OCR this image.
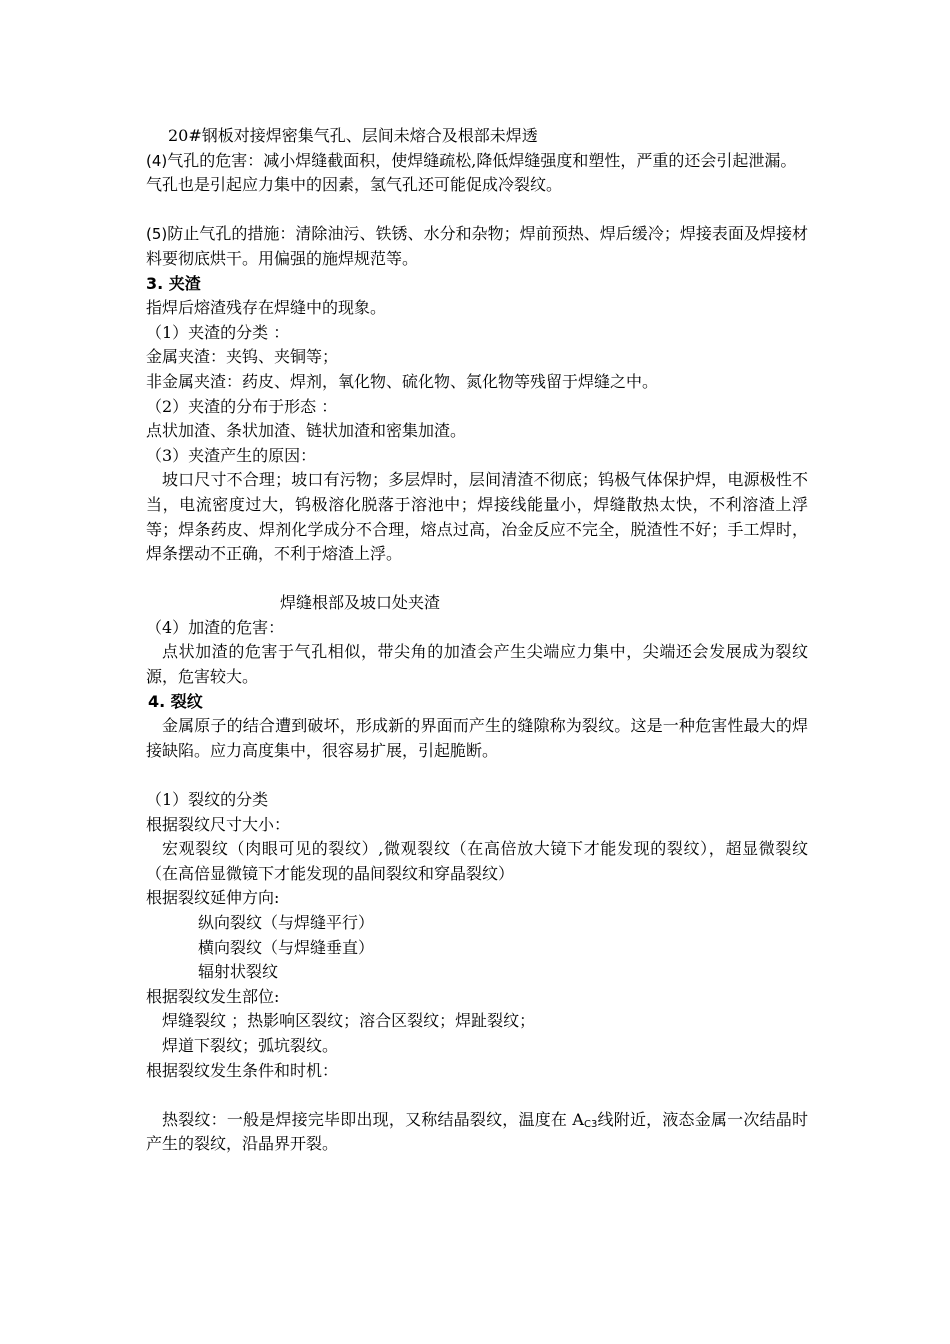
20#钢板对接焊密集气孔、层间未熔合及根部未焊透

(4)气孔的危害：减小焊缝截面积，使焊缝疏松,降低焊缝强度和塑性，严重的还会引起泄漏。

气孔也是引起应力集中的因素，氢气孔还可能促成冷裂纹。

(5)防止气孔的措施：清除油污、铁锈、水分和杂物；焊前预热、焊后缓冷；焊接表面及焊接材料要彻底烘干。用偏强的施焊规范等。

3. 夹渣

指焊后熔渣残存在焊缝中的现象。

（1）夹渣的分类 ：

金属夹渣：夹钨、夹铜等；

非金属夹渣：药皮、焊剂，氧化物、硫化物、氮化物等残留于焊缝之中。

（2）夹渣的分布于形态 ：

点状加渣、条状加渣、链状加渣和密集加渣。

（3）夹渣产生的原因：

坡口尺寸不合理；坡口有污物；多层焊时，层间清渣不彻底；钨极气体保护焊，电源极性不当，电流密度过大，钨极溶化脱落于溶池中；焊接线能量小，焊缝散热太快，不利溶渣上浮等；焊条药皮、焊剂化学成分不合理，熔点过高，冶金反应不完全，脱渣性不好；手工焊时，焊条摆动不正确，不利于熔渣上浮。

焊缝根部及坡口处夹渣

（4）加渣的危害：

点状加渣的危害于气孔相似，带尖角的加渣会产生尖端应力集中，尖端还会发展成为裂纹源，危害较大。

4. 裂纹

金属原子的结合遭到破坏，形成新的界面而产生的缝隙称为裂纹。这是一种危害性最大的焊接缺陷。应力高度集中，很容易扩展，引起脆断。

（1）裂纹的分类

根据裂纹尺寸大小：

宏观裂纹（肉眼可见的裂纹）,微观裂纹（在高倍放大镜下才能发现的裂纹），超显微裂纹（在高倍显微镜下才能发现的晶间裂纹和穿晶裂纹）

根据裂纹延伸方向:

纵向裂纹（与焊缝平行）

横向裂纹（与焊缝垂直）

辐射状裂纹

根据裂纹发生部位:

焊缝裂纹 ；热影响区裂纹；溶合区裂纹；焊趾裂纹；

焊道下裂纹；弧坑裂纹。

根据裂纹发生条件和时机：

热裂纹：一般是焊接完毕即出现，又称结晶裂纹，温度在 $A_{C3}$线附近，液态金属一次结晶时产生的裂纹，沿晶界开裂。
